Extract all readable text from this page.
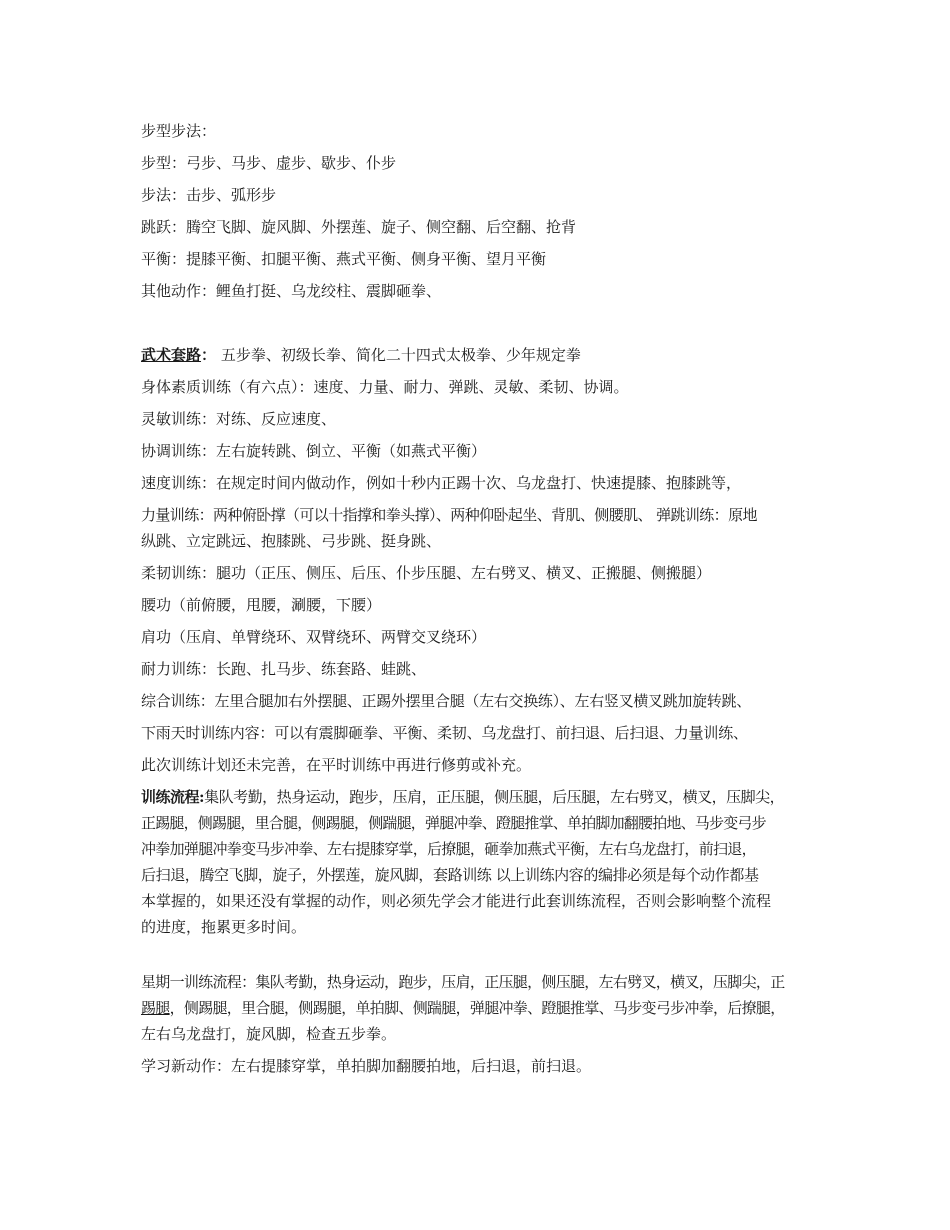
步型步法：
步型：弓步、马步、虚步、歇步、仆步
步法：击步、弧形步
跳跃：腾空飞脚、旋风脚、外摆莲、旋子、侧空翻、后空翻、抢背
平衡：提膝平衡、扣腿平衡、燕式平衡、侧身平衡、望月平衡
其他动作：鲤鱼打挺、乌龙绞柱、震脚砸拳、
武术套路： 五步拳、初级长拳、简化二十四式太极拳、少年规定拳
身体素质训练（有六点）：速度、力量、耐力、弹跳、灵敏、柔韧、协调。
灵敏训练：对练、反应速度、
协调训练：左右旋转跳、倒立、平衡（如燕式平衡）
速度训练：在规定时间内做动作，例如十秒内正踢十次、乌龙盘打、快速提膝、抱膝跳等，
力量训练：两种俯卧撑（可以十指撑和拳头撑）、两种仰卧起坐、背肌、侧腰肌、 弹跳训练：原地
纵跳、立定跳远、抱膝跳、弓步跳、挺身跳、
柔韧训练：腿功（正压、侧压、后压、仆步压腿、左右劈叉、横叉、正搬腿、侧搬腿）
腰功（前俯腰，甩腰，涮腰，下腰）
肩功（压肩、单臂绕环、双臂绕环、两臂交叉绕环）
耐力训练：长跑、扎马步、练套路、蛙跳、
综合训练：左里合腿加右外摆腿、正踢外摆里合腿（左右交换练）、左右竖叉横叉跳加旋转跳、
下雨天时训练内容：可以有震脚砸拳、平衡、柔韧、乌龙盘打、前扫退、后扫退、力量训练、
此次训练计划还未完善，在平时训练中再进行修剪或补充。
训练流程:集队考勤，热身运动，跑步，压肩，正压腿，侧压腿，后压腿，左右劈叉，横叉，压脚尖，
正踢腿，侧踢腿，里合腿，侧踢腿，侧踹腿，弹腿冲拳、蹬腿推掌、单拍脚加翻腰拍地、马步变弓步
冲拳加弹腿冲拳变马步冲拳、左右提膝穿掌，后撩腿，砸拳加燕式平衡，左右乌龙盘打，前扫退，
后扫退，腾空飞脚，旋子，外摆莲，旋风脚，套路训练 以上训练内容的编排必须是每个动作都基
本掌握的，如果还没有掌握的动作，则必须先学会才能进行此套训练流程，否则会影响整个流程
的进度，拖累更多时间。
星期一训练流程：集队考勤，热身运动，跑步，压肩，正压腿，侧压腿，左右劈叉，横叉，压脚尖，正
踢腿，侧踢腿，里合腿，侧踢腿，单拍脚、侧踹腿，弹腿冲拳、蹬腿推掌、马步变弓步冲拳，后撩腿，
左右乌龙盘打，旋风脚，检查五步拳。
学习新动作：左右提膝穿掌，单拍脚加翻腰拍地，后扫退，前扫退。
